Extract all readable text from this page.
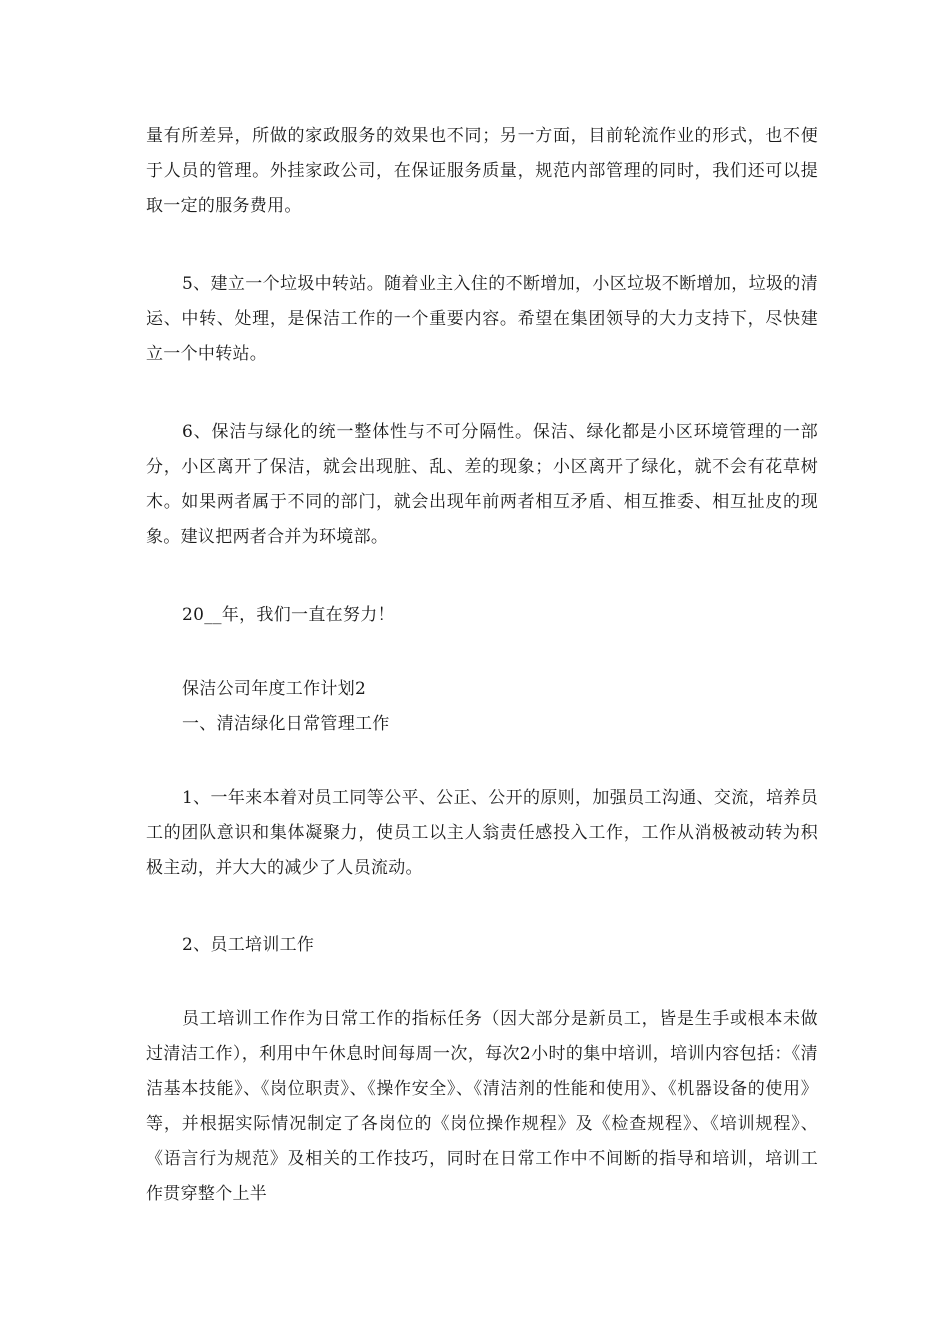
量有所差异，所做的家政服务的效果也不同；另一方面，目前轮流作业的形式，也不便于人员的管理。外挂家政公司，在保证服务质量，规范内部管理的同时，我们还可以提取一定的服务费用。

5、建立一个垃圾中转站。随着业主入住的不断增加，小区垃圾不断增加，垃圾的清运、中转、处理，是保洁工作的一个重要内容。希望在集团领导的大力支持下，尽快建立一个中转站。

6、保洁与绿化的统一整体性与不可分隔性。保洁、绿化都是小区环境管理的一部分，小区离开了保洁，就会出现脏、乱、差的现象；小区离开了绿化，就不会有花草树木。如果两者属于不同的部门，就会出现年前两者相互矛盾、相互推委、相互扯皮的现象。建议把两者合并为环境部。

20__年，我们一直在努力！

保洁公司年度工作计划2

一、清洁绿化日常管理工作

1、一年来本着对员工同等公平、公正、公开的原则，加强员工沟通、交流，培养员工的团队意识和集体凝聚力，使员工以主人翁责任感投入工作，工作从消极被动转为积极主动，并大大的减少了人员流动。

2、员工培训工作

员工培训工作作为日常工作的指标任务（因大部分是新员工，皆是生手或根本未做过清洁工作），利用中午休息时间每周一次，每次2小时的集中培训，培训内容包括：《清洁基本技能》、《岗位职责》、《操作安全》、《清洁剂的性能和使用》、《机器设备的使用》等，并根据实际情况制定了各岗位的《岗位操作规程》及《检查规程》、《培训规程》、《语言行为规范》及相关的工作技巧，同时在日常工作中不间断的指导和培训，培训工作贯穿整个上半
